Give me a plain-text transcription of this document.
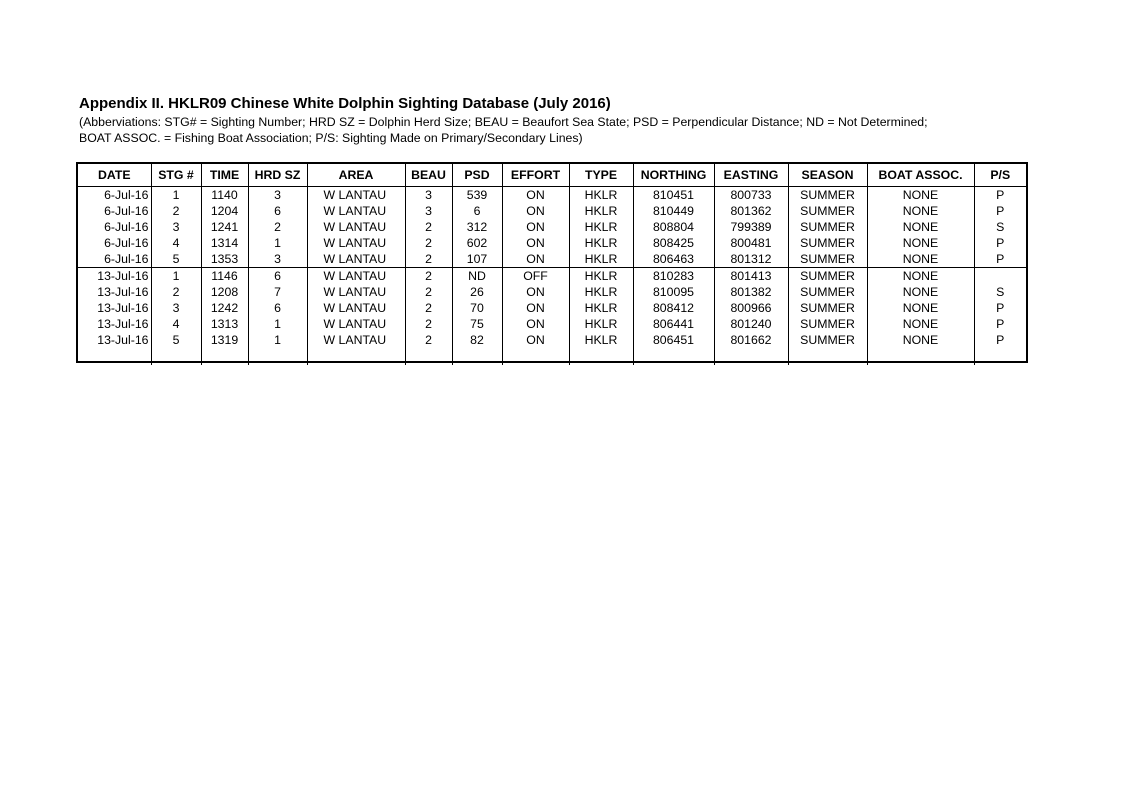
Appendix II. HKLR09 Chinese White Dolphin Sighting Database (July 2016)
(Abberviations: STG# = Sighting Number; HRD SZ = Dolphin Herd Size; BEAU = Beaufort Sea State; PSD = Perpendicular Distance; ND = Not Determined;
BOAT ASSOC. = Fishing Boat Association; P/S: Sighting Made on Primary/Secondary Lines)
DATE	STG #	TIME	HRD SZ	AREA	BEAU	PSD	EFFORT	TYPE	NORTHING	EASTING	SEASON	BOAT ASSOC.	P/S
6-Jul-16	1	1140	3	W LANTAU	3	539	ON	HKLR	810451	800733	SUMMER	NONE	P
6-Jul-16	2	1204	6	W LANTAU	3	6	ON	HKLR	810449	801362	SUMMER	NONE	P
6-Jul-16	3	1241	2	W LANTAU	2	312	ON	HKLR	808804	799389	SUMMER	NONE	S
6-Jul-16	4	1314	1	W LANTAU	2	602	ON	HKLR	808425	800481	SUMMER	NONE	P
6-Jul-16	5	1353	3	W LANTAU	2	107	ON	HKLR	806463	801312	SUMMER	NONE	P
13-Jul-16	1	1146	6	W LANTAU	2	ND	OFF	HKLR	810283	801413	SUMMER	NONE	
13-Jul-16	2	1208	7	W LANTAU	2	26	ON	HKLR	810095	801382	SUMMER	NONE	S
13-Jul-16	3	1242	6	W LANTAU	2	70	ON	HKLR	808412	800966	SUMMER	NONE	P
13-Jul-16	4	1313	1	W LANTAU	2	75	ON	HKLR	806441	801240	SUMMER	NONE	P
13-Jul-16	5	1319	1	W LANTAU	2	82	ON	HKLR	806451	801662	SUMMER	NONE	P
